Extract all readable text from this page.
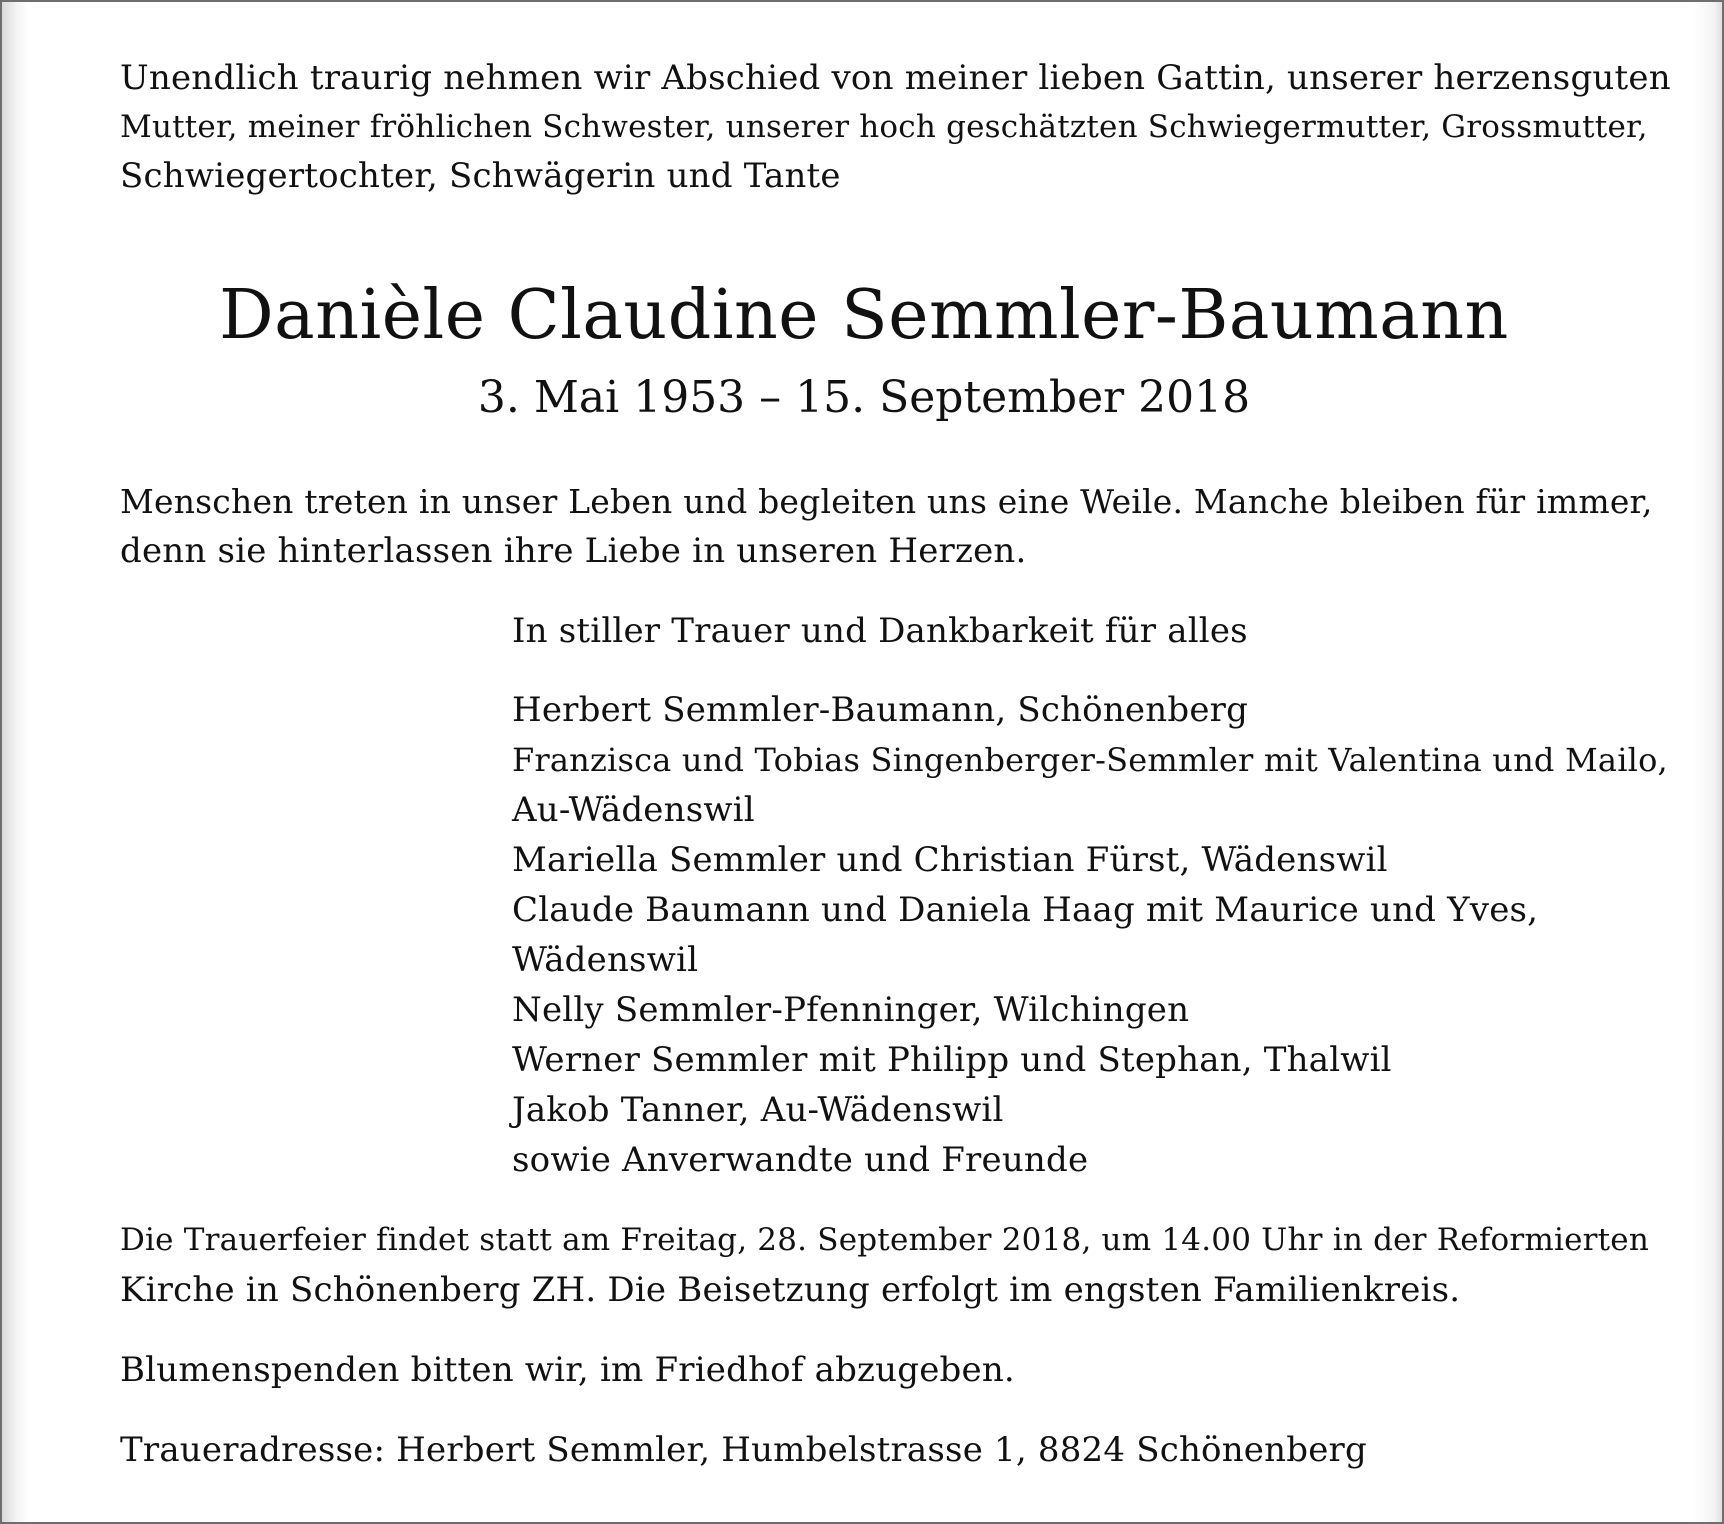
Unendlich traurig nehmen wir Abschied von meiner lieben Gattin, unserer herzensguten
Mutter, meiner fröhlichen Schwester, unserer hoch geschätzten Schwiegermutter, Grossmutter,
Schwiegertochter, Schwägerin und Tante
Danièle Claudine Semmler-Baumann
3. Mai 1953 – 15. September 2018
Menschen treten in unser Leben und begleiten uns eine Weile. Manche bleiben für immer,
denn sie hinterlassen ihre Liebe in unseren Herzen.
In stiller Trauer und Dankbarkeit für alles
Herbert Semmler-Baumann, Schönenberg
Franzisca und Tobias Singenberger-Semmler mit Valentina und Mailo,
Au-Wädenswil
Mariella Semmler und Christian Fürst, Wädenswil
Claude Baumann und Daniela Haag mit Maurice und Yves,
Wädenswil
Nelly Semmler-Pfenninger, Wilchingen
Werner Semmler mit Philipp und Stephan, Thalwil
Jakob Tanner, Au-Wädenswil
sowie Anverwandte und Freunde
Die Trauerfeier findet statt am Freitag, 28. September 2018, um 14.00 Uhr in der Reformierten
Kirche in Schönenberg ZH. Die Beisetzung erfolgt im engsten Familienkreis.
Blumenspenden bitten wir, im Friedhof abzugeben.
Traueradresse: Herbert Semmler, Humbelstrasse 1, 8824 Schönenberg
